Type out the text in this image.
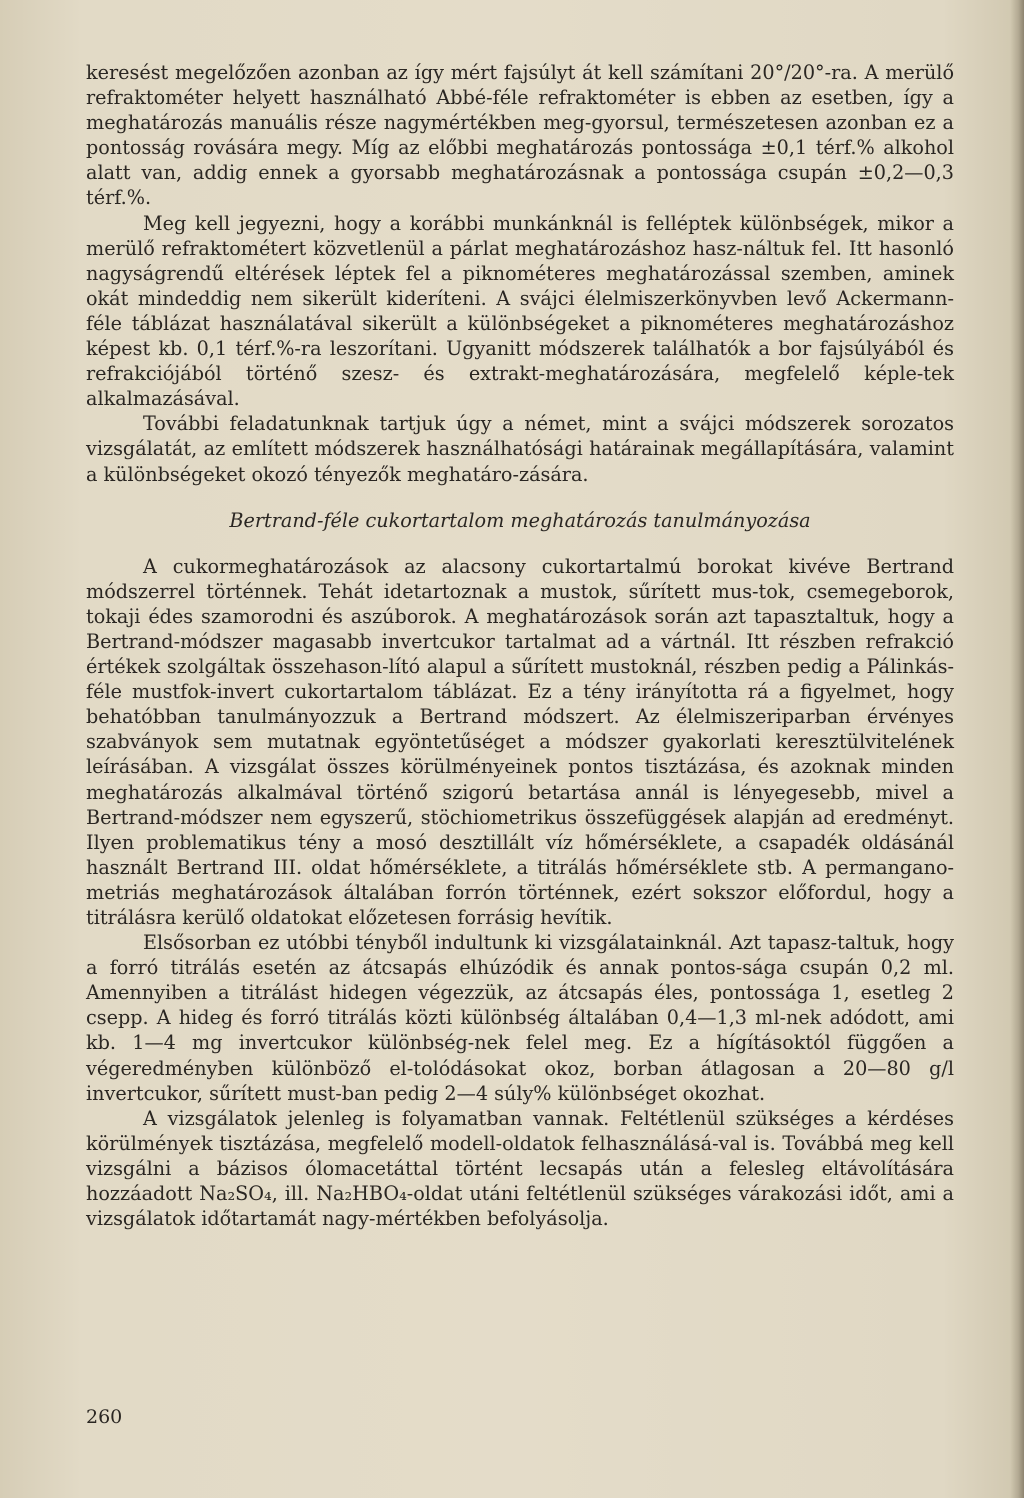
keresést megelőzően azonban az így mért fajsúlyt át kell számítani 20°/20°-ra. A merülő refraktométer helyett használható Abbé-féle refraktométer is ebben az esetben, így a meghatározás manuális része nagymértékben meg-gyorsul, természetesen azonban ez a pontosság rovására megy. Míg az előbbi meghatározás pontossága ±0,1 térf.% alkohol alatt van, addig ennek a gyorsabb meghatározásnak a pontossága csupán ±0,2—0,3 térf.%.

Meg kell jegyezni, hogy a korábbi munkánknál is felléptek különbségek, mikor a merülő refraktométert közvetlenül a párlat meghatározáshoz hasz-náltuk fel. Itt hasonló nagyságrendű eltérések léptek fel a piknométeres meghatározással szemben, aminek okát mindeddig nem sikerült kideríteni. A svájci élelmiszerkönyvben levő Ackermann-féle táblázat használatával sikerült a különbségeket a piknométeres meghatározáshoz képest kb. 0,1 térf.%-ra leszorítani. Ugyanitt módszerek találhatók a bor fajsúlyából és refrakciójából történő szesz- és extrakt-meghatározására, megfelelő képle-tek alkalmazásával.

További feladatunknak tartjuk úgy a német, mint a svájci módszerek sorozatos vizsgálatát, az említett módszerek használhatósági határainak megállapítására, valamint a különbségeket okozó tényezők meghatáro-zására.

Bertrand-féle cukortartalom meghatározás tanulmányozása

A cukormeghatározások az alacsony cukortartalmú borokat kivéve Bertrand módszerrel történnek. Tehát idetartoznak a mustok, sűrített mus-tok, csemegeborok, tokaji édes szamorodni és aszúborok. A meghatározások során azt tapasztaltuk, hogy a Bertrand-módszer magasabb invertcukor tartalmat ad a vártnál. Itt részben refrakció értékek szolgáltak összehason-lító alapul a sűrített mustoknál, részben pedig a Pálinkás-féle mustfok-invert cukortartalom táblázat. Ez a tény irányította rá a figyelmet, hogy behatóbban tanulmányozzuk a Bertrand módszert. Az élelmiszeriparban érvényes szabványok sem mutatnak egyöntetűséget a módszer gyakorlati keresztülvitelének leírásában. A vizsgálat összes körülményeinek pontos tisztázása, és azoknak minden meghatározás alkalmával történő szigorú betartása annál is lényegesebb, mivel a Bertrand-módszer nem egyszerű, stöchiometrikus összefüggések alapján ad eredményt. Ilyen problematikus tény a mosó desztillált víz hőmérséklete, a csapadék oldásánál használt Bertrand III. oldat hőmérséklete, a titrálás hőmérséklete stb. A permangano-metriás meghatározások általában forrón történnek, ezért sokszor előfordul, hogy a titrálásra kerülő oldatokat előzetesen forrásig hevítik.

Elsősorban ez utóbbi tényből indultunk ki vizsgálatainknál. Azt tapasz-taltuk, hogy a forró titrálás esetén az átcsapás elhúzódik és annak pontos-sága csupán 0,2 ml. Amennyiben a titrálást hidegen végezzük, az átcsapás éles, pontossága 1, esetleg 2 csepp. A hideg és forró titrálás közti különbség általában 0,4—1,3 ml-nek adódott, ami kb. 1—4 mg invertcukor különbség-nek felel meg. Ez a hígításoktól függően a végeredményben különböző el-tolódásokat okoz, borban átlagosan a 20—80 g/l invertcukor, sűrített must-ban pedig 2—4 súly% különbséget okozhat.

A vizsgálatok jelenleg is folyamatban vannak. Feltétlenül szükséges a kérdéses körülmények tisztázása, megfelelő modell-oldatok felhasználásá-val is. Továbbá meg kell vizsgálni a bázisos ólomacetáttal történt lecsapás után a felesleg eltávolítására hozzáadott Na₂SO₄, ill. Na₂HBO₄-oldat utáni feltétlenül szükséges várakozási időt, ami a vizsgálatok időtartamát nagy-mértékben befolyásolja.

260
